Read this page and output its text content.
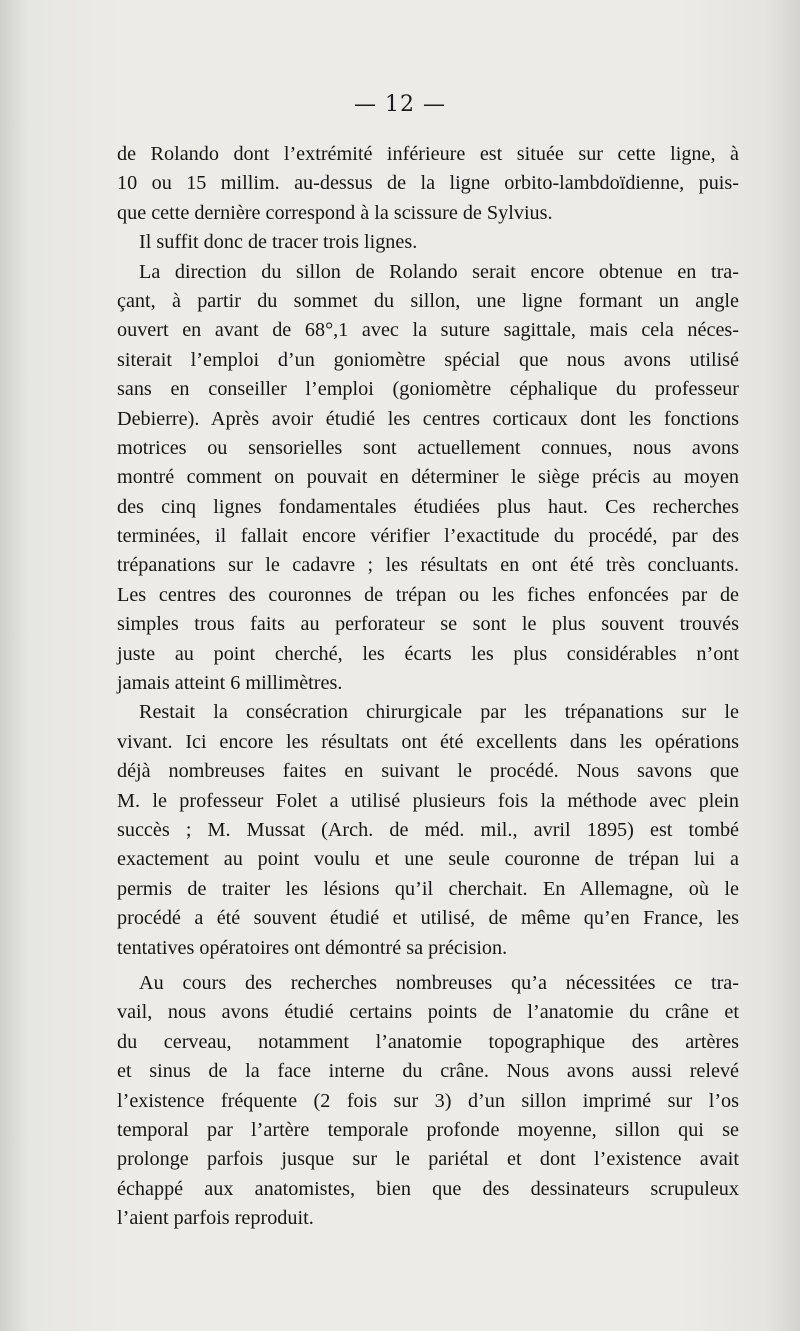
— 12 —
de Rolando dont l’extrémité inférieure est située sur cette ligne, à
10 ou 15 millim. au-dessus de la ligne orbito-lambdoïdienne, puis-
que cette dernière correspond à la scissure de Sylvius.
Il suffit donc de tracer trois lignes.
La direction du sillon de Rolando serait encore obtenue en tra-
çant, à partir du sommet du sillon, une ligne formant un angle
ouvert en avant de 68°,1 avec la suture sagittale, mais cela néces-
siterait l’emploi d’un goniomètre spécial que nous avons utilisé
sans en conseiller l’emploi (goniomètre céphalique du professeur
Debierre). Après avoir étudié les centres corticaux dont les fonctions
motrices ou sensorielles sont actuellement connues, nous avons
montré comment on pouvait en déterminer le siège précis au moyen
des cinq lignes fondamentales étudiées plus haut. Ces recherches
terminées, il fallait encore vérifier l’exactitude du procédé, par des
trépanations sur le cadavre ; les résultats en ont été très concluants.
Les centres des couronnes de trépan ou les fiches enfoncées par de
simples trous faits au perforateur se sont le plus souvent trouvés
juste au point cherché, les écarts les plus considérables n’ont
jamais atteint 6 millimètres.
Restait la consécration chirurgicale par les trépanations sur le
vivant. Ici encore les résultats ont été excellents dans les opérations
déjà nombreuses faites en suivant le procédé. Nous savons que
M. le professeur Folet a utilisé plusieurs fois la méthode avec plein
succès ; M. Mussat (Arch. de méd. mil., avril 1895) est tombé
exactement au point voulu et une seule couronne de trépan lui a
permis de traiter les lésions qu’il cherchait. En Allemagne, où le
procédé a été souvent étudié et utilisé, de même qu’en France, les
tentatives opératoires ont démontré sa précision.
Au cours des recherches nombreuses qu’a nécessitées ce tra-
vail, nous avons étudié certains points de l’anatomie du crâne et
du cerveau, notamment l’anatomie topographique des artères
et sinus de la face interne du crâne. Nous avons aussi relevé
l’existence fréquente (2 fois sur 3) d’un sillon imprimé sur l’os
temporal par l’artère temporale profonde moyenne, sillon qui se
prolonge parfois jusque sur le pariétal et dont l’existence avait
échappé aux anatomistes, bien que des dessinateurs scrupuleux
l’aient parfois reproduit.
